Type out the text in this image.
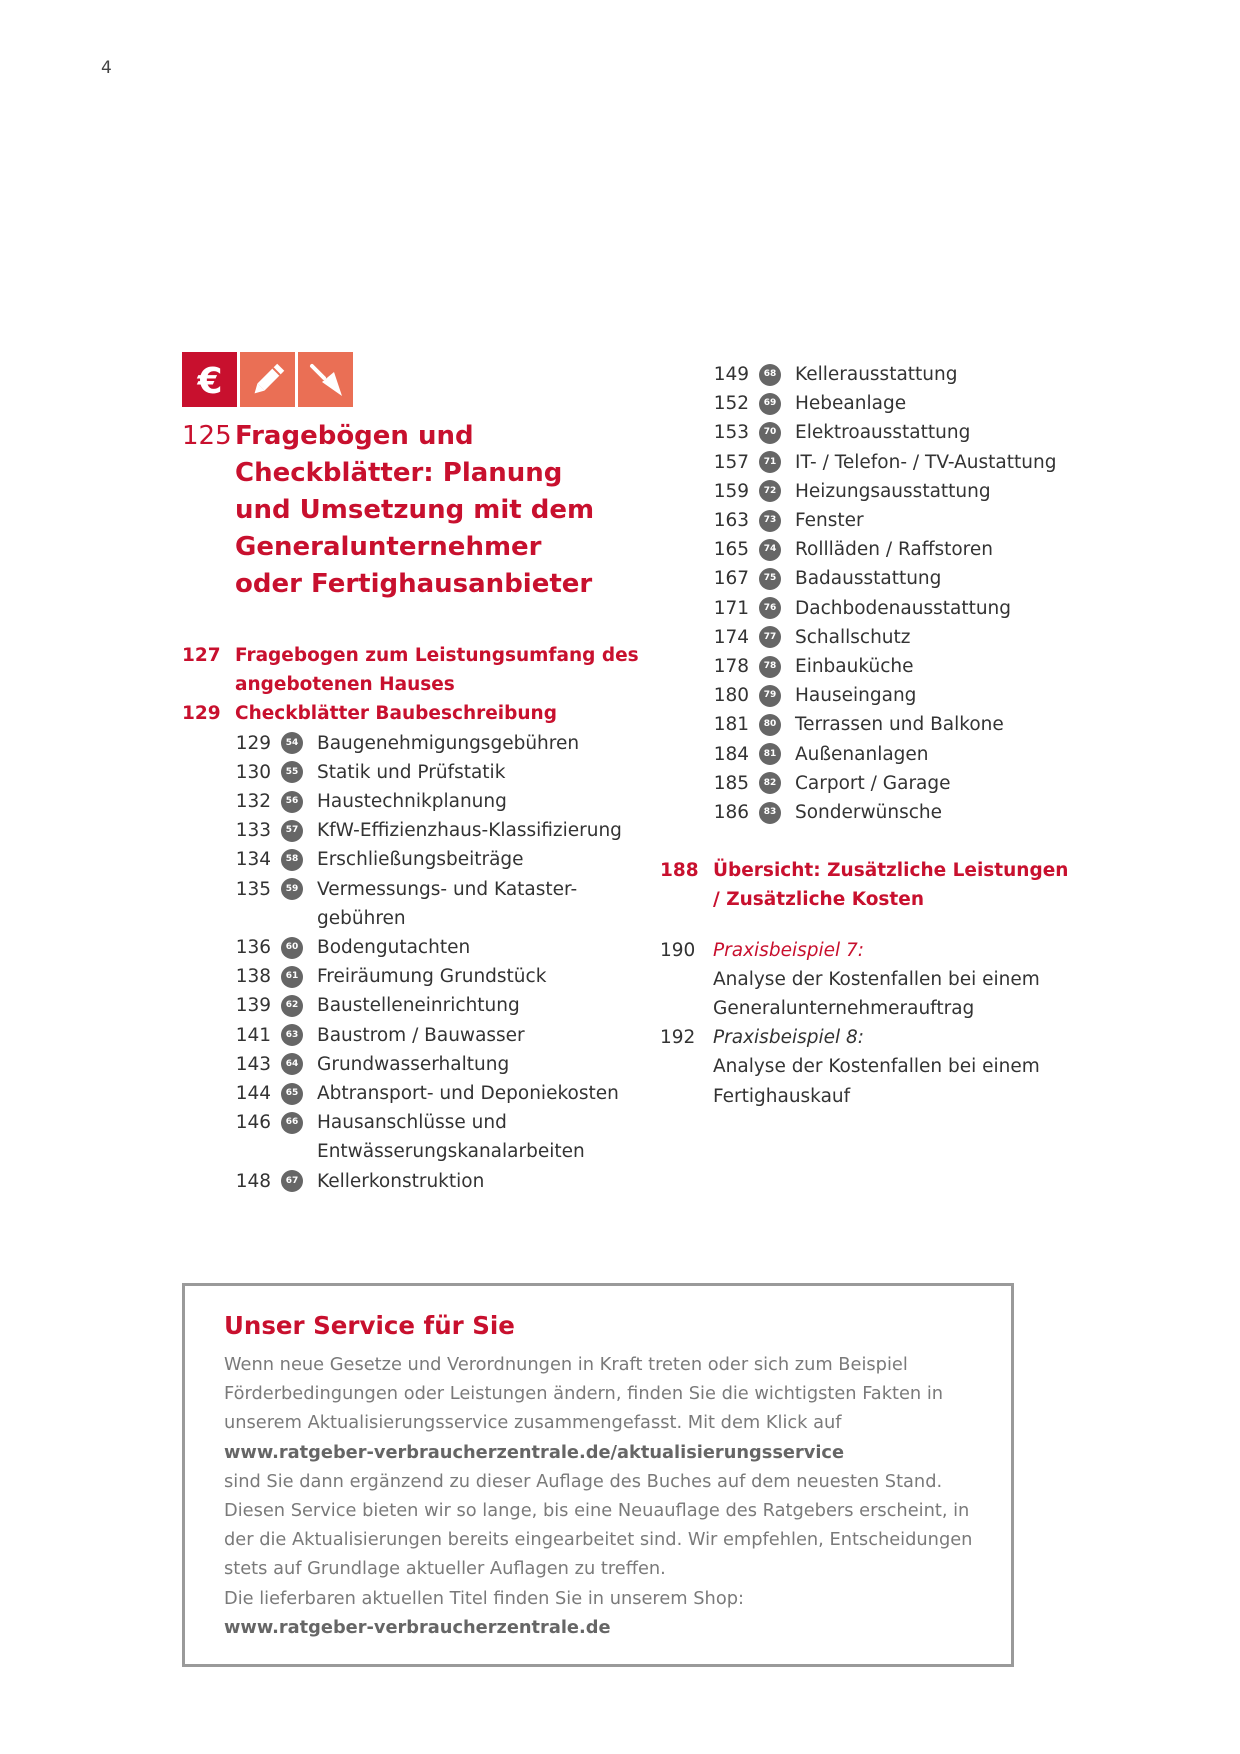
4
€
125 Fragebögen und Checkblätter: Planung und Umsetzung mit dem Generalunternehmer oder Fertighausanbieter
127 Fragebogen zum Leistungsumfang des angebotenen Hauses
129 Checkblätter Baubeschreibung
129	54 Baugenehmigungsgebühren
130	55 Statik und Prüfstatik
132	56 Haustechnikplanung
133	57 KfW-Effizienzhaus-Klassifizierung
134	58 Erschließungsbeiträge
135	59 Vermessungs- und Kataster-gebühren
136	60 Bodengutachten
138	61 Freiräumung Grundstück
139	62 Baustelleneinrichtung
141	63 Baustrom / Bauwasser
143	64 Grundwasserhaltung
144	65 Abtransport- und Deponiekosten
146	66 Hausanschlüsse und Entwässerungskanalarbeiten
148	67 Kellerkonstruktion
149	68 Kellerausstattung
152	69 Hebeanlage
153	70 Elektroausstattung
157	71 IT- / Telefon- / TV-Austattung
159	72 Heizungsausstattung
163	73 Fenster
165	74 Rollläden / Raffstoren
167	75 Badausstattung
171	76 Dachbodenausstattung
174	77 Schallschutz
178	78 Einbauküche
180	79 Hauseingang
181	80 Terrassen und Balkone
184	81 Außenanlagen
185	82 Carport / Garage
186	83 Sonderwünsche
188 Übersicht: Zusätzliche Leistungen / Zusätzliche Kosten
190 Praxisbeispiel 7:
Analyse der Kostenfallen bei einem Generalunternehmerauftrag
192 Praxisbeispiel 8:
Analyse der Kostenfallen bei einem Fertighauskauf
Unser Service für Sie

Wenn neue Gesetze und Verordnungen in Kraft treten oder sich zum Beispiel Förderbedingungen oder Leistungen ändern, finden Sie die wichtigsten Fakten in unserem Aktualisierungsservice zusammengefasst. Mit dem Klick auf

www.ratgeber-verbraucherzentrale.de/aktualisierungsservice

sind Sie dann ergänzend zu dieser Auflage des Buches auf dem neuesten Stand. Diesen Service bieten wir so lange, bis eine Neuauflage des Ratgebers erscheint, in der die Aktualisierungen bereits eingearbeitet sind. Wir empfehlen, Entscheidungen stets auf Grundlage aktueller Auflagen zu treffen.

Die lieferbaren aktuellen Titel finden Sie in unserem Shop:

www.ratgeber-verbraucherzentrale.de
